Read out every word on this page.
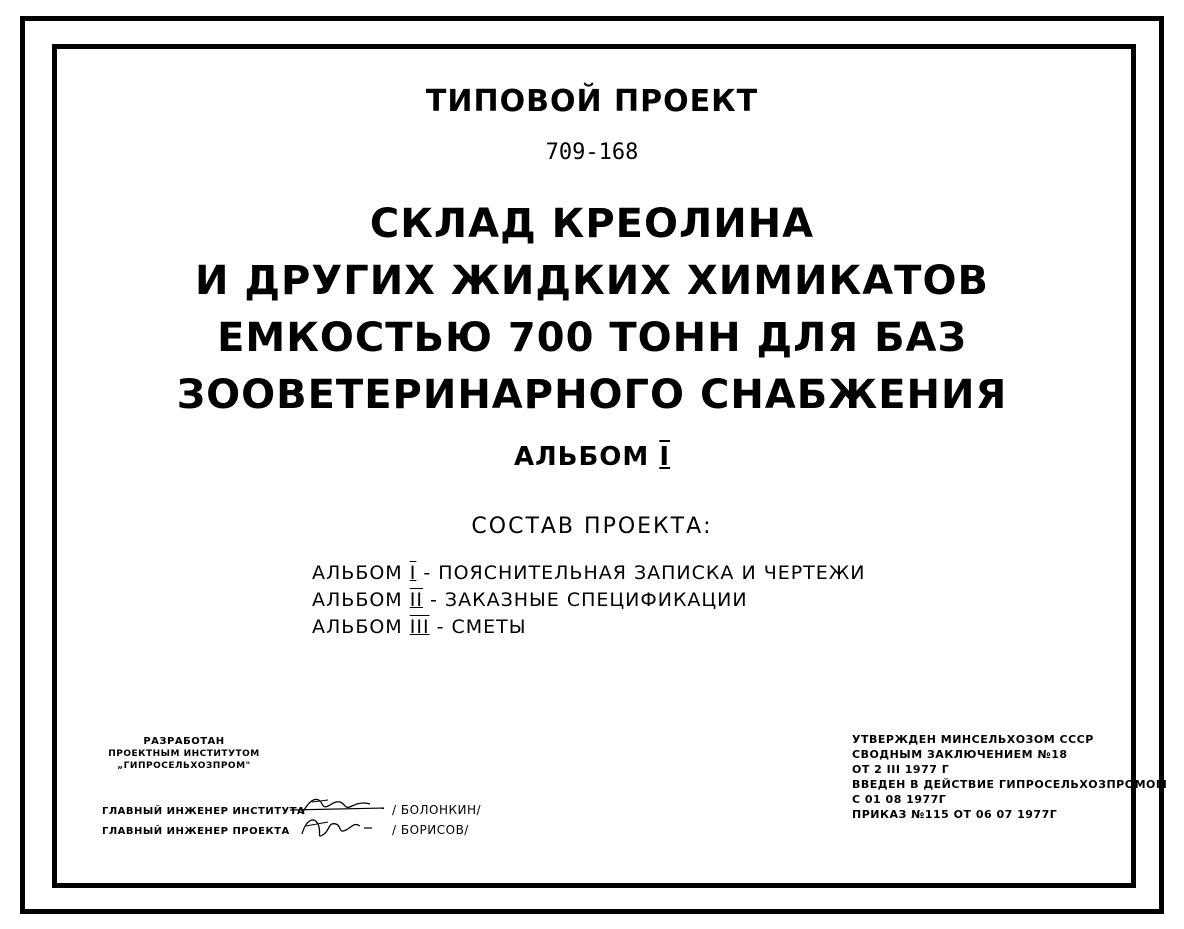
ТИПОВОЙ ПРОЕКТ
709-168
СКЛАД КРЕОЛИНА
И ДРУГИХ ЖИДКИХ ХИМИКАТОВ
ЕМКОСТЬЮ 700 ТОНН ДЛЯ БАЗ
ЗООВЕТЕРИНАРНОГО СНАБЖЕНИЯ
АЛЬБОМ I
СОСТАВ ПРОЕКТА:
АЛЬБОМ I - ПОЯСНИТЕЛЬНАЯ ЗАПИСКА И ЧЕРТЕЖИ
АЛЬБОМ II - ЗАКАЗНЫЕ СПЕЦИФИКАЦИИ
АЛЬБОМ III - СМЕТЫ
РАЗРАБОТАН
ПРОЕКТНЫМ ИНСТИТУТОМ
„ГИПРОСЕЛЬХОЗПРОМ"
ГЛАВНЫЙ ИНЖЕНЕР ИНСТИТУТА	/ БОЛОНКИН/
ГЛАВНЫЙ ИНЖЕНЕР ПРОЕКТА	/ БОРИСОВ/
УТВЕРЖДЕН МИНСЕЛЬХОЗОМ СССР
СВОДНЫМ ЗАКЛЮЧЕНИЕМ №18
ОТ 2 III 1977 Г
ВВЕДЕН В ДЕЙСТВИЕ ГИПРОСЕЛЬХОЗПРОМОМ
С 01 08 1977Г
ПРИКАЗ №115 ОТ 06 07 1977Г
